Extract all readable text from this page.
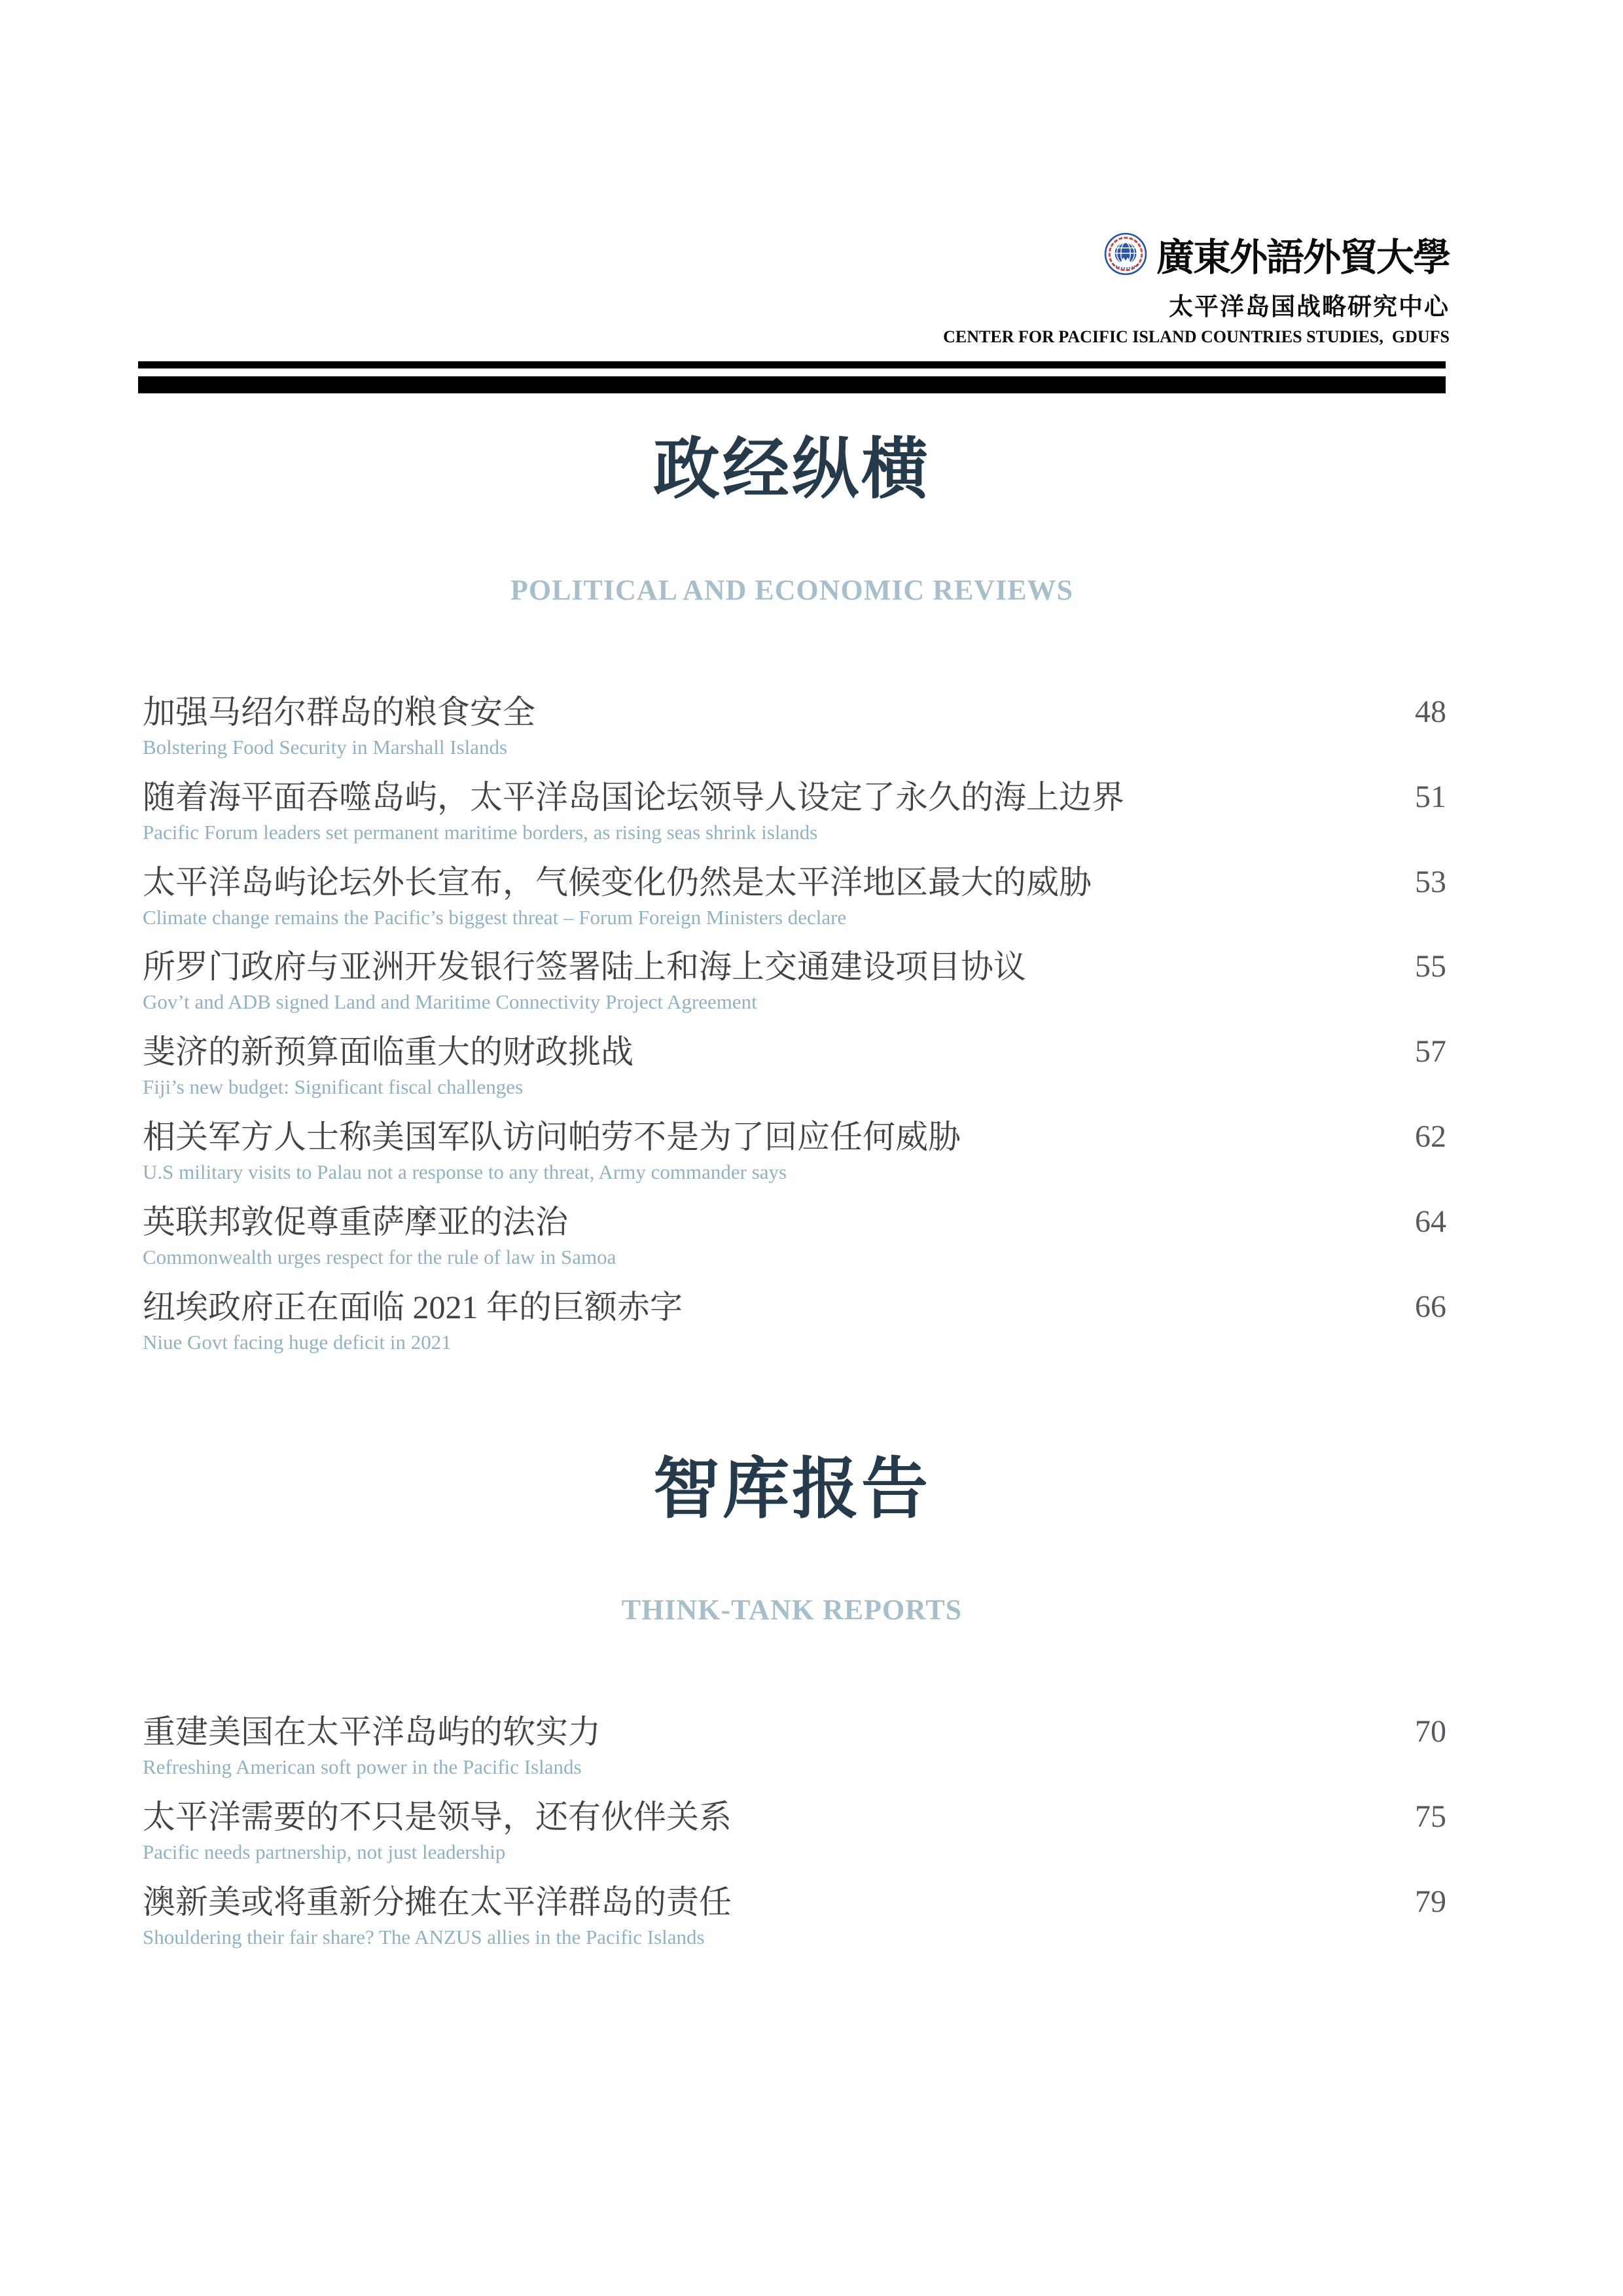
廣東外語外貿大學
太平洋岛国战略研究中心
CENTER FOR PACIFIC ISLAND COUNTRIES STUDIES,  GDUFS
政经纵横
POLITICAL AND ECONOMIC REVIEWS
加强马绍尔群岛的粮食安全
Bolstering Food Security in Marshall Islands
48
随着海平面吞噬岛屿，太平洋岛国论坛领导人设定了永久的海上边界
Pacific Forum leaders set permanent maritime borders, as rising seas shrink islands
51
太平洋岛屿论坛外长宣布，气候变化仍然是太平洋地区最大的威胁
Climate change remains the Pacific’s biggest threat – Forum Foreign Ministers declare
53
所罗门政府与亚洲开发银行签署陆上和海上交通建设项目协议
Gov’t and ADB signed Land and Maritime Connectivity Project Agreement
55
斐济的新预算面临重大的财政挑战
Fiji’s new budget: Significant fiscal challenges
57
相关军方人士称美国军队访问帕劳不是为了回应任何威胁
U.S military visits to Palau not a response to any threat, Army commander says
62
英联邦敦促尊重萨摩亚的法治
Commonwealth urges respect for the rule of law in Samoa
64
纽埃政府正在面临 2021 年的巨额赤字
Niue Govt facing huge deficit in 2021
66
智库报告
THINK-TANK REPORTS
重建美国在太平洋岛屿的软实力
Refreshing American soft power in the Pacific Islands
70
太平洋需要的不只是领导，还有伙伴关系
Pacific needs partnership, not just leadership
75
澳新美或将重新分摊在太平洋群岛的责任
Shouldering their fair share? The ANZUS allies in the Pacific Islands
79
